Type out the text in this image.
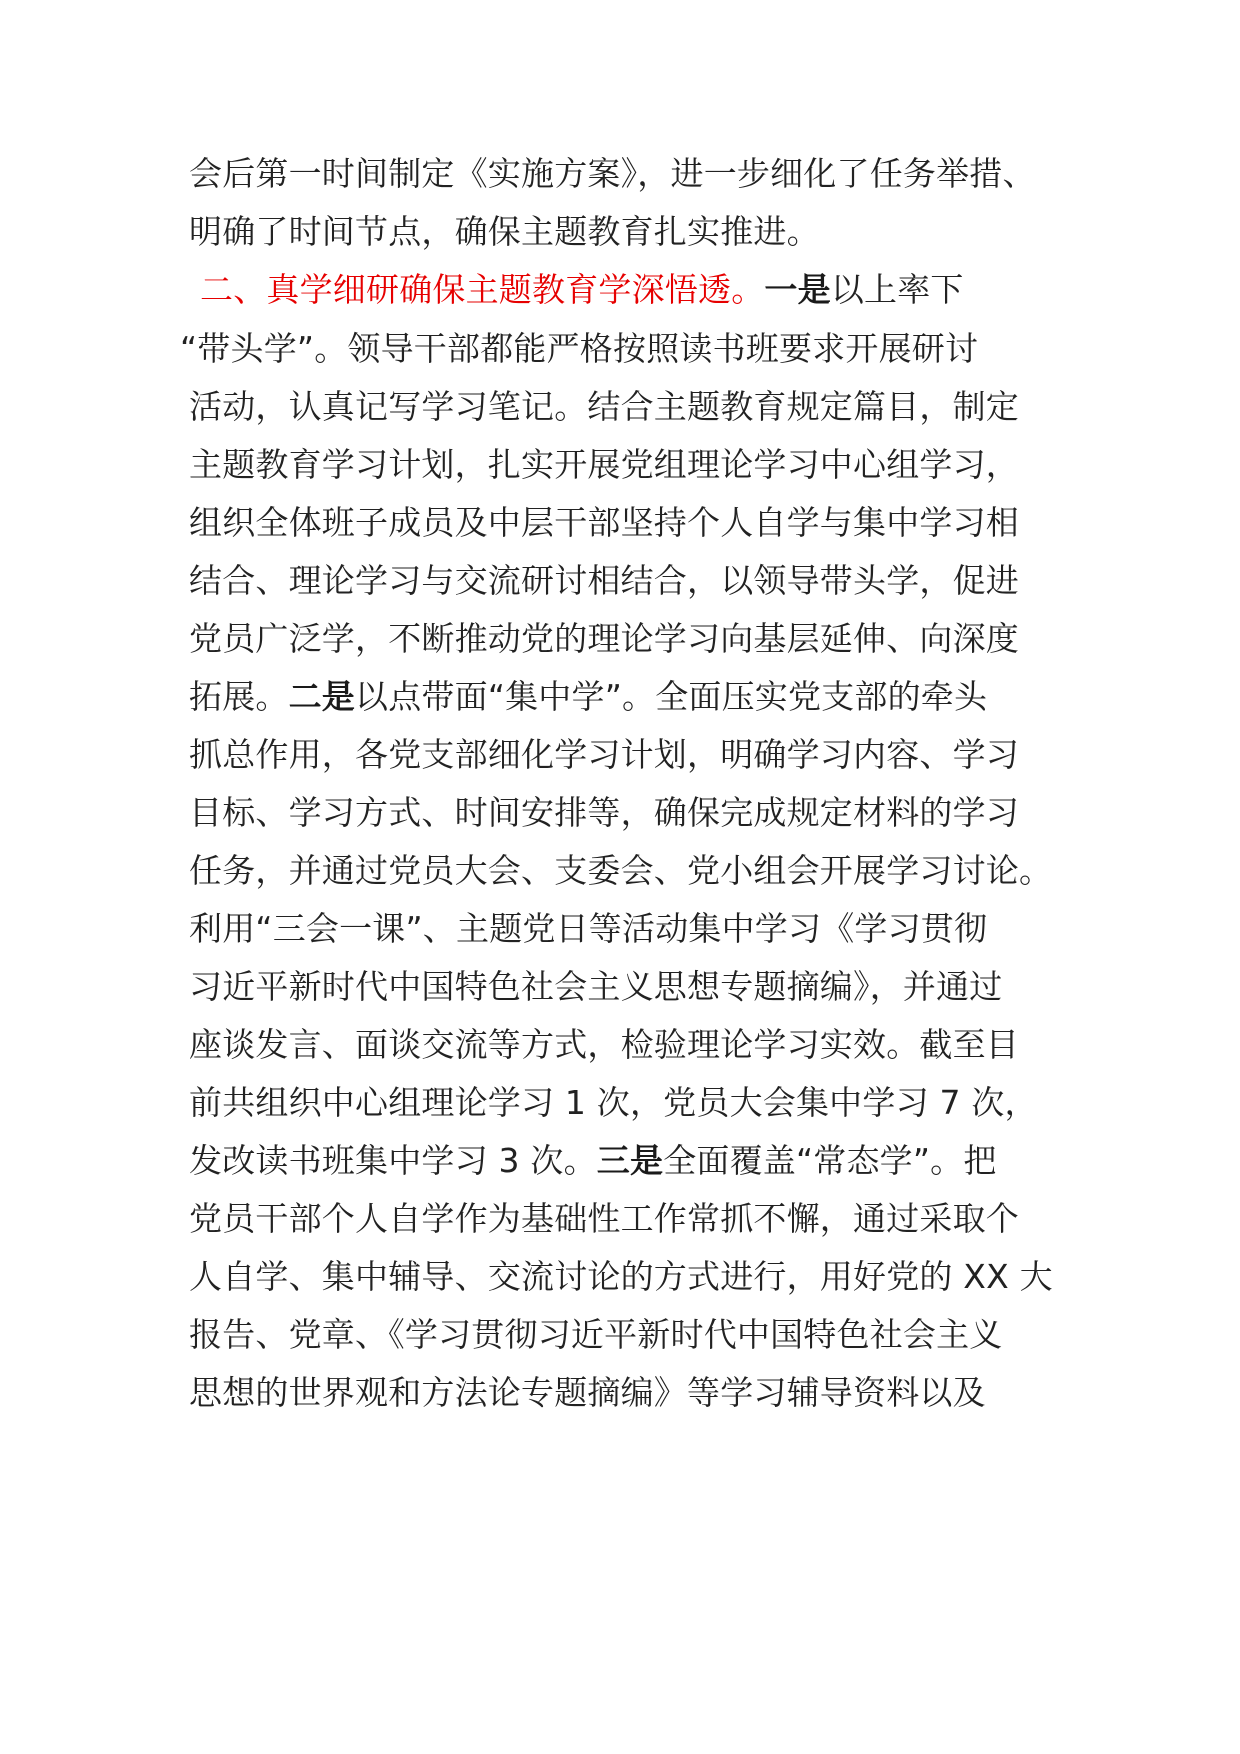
会后第一时间制定《实施方案》，进一步细化了任务举措、
明确了时间节点，确保主题教育扎实推进。
二、真学细研确保主题教育学深悟透。一是以上率下
“带头学”。领导干部都能严格按照读书班要求开展研讨
活动，认真记写学习笔记。结合主题教育规定篇目，制定
主题教育学习计划，扎实开展党组理论学习中心组学习，
组织全体班子成员及中层干部坚持个人自学与集中学习相
结合、理论学习与交流研讨相结合，以领导带头学，促进
党员广泛学，不断推动党的理论学习向基层延伸、向深度
拓展。二是以点带面“集中学”。全面压实党支部的牵头
抓总作用，各党支部细化学习计划，明确学习内容、学习
目标、学习方式、时间安排等，确保完成规定材料的学习
任务，并通过党员大会、支委会、党小组会开展学习讨论。
利用“三会一课”、主题党日等活动集中学习《学习贯彻
习近平新时代中国特色社会主义思想专题摘编》，并通过
座谈发言、面谈交流等方式，检验理论学习实效。截至目
前共组织中心组理论学习 1 次，党员大会集中学习 7 次，
发改读书班集中学习 3 次。三是全面覆盖“常态学”。把
党员干部个人自学作为基础性工作常抓不懈，通过采取个
人自学、集中辅导、交流讨论的方式进行，用好党的 XX 大
报告、党章、《学习贯彻习近平新时代中国特色社会主义
思想的世界观和方法论专题摘编》等学习辅导资料以及
